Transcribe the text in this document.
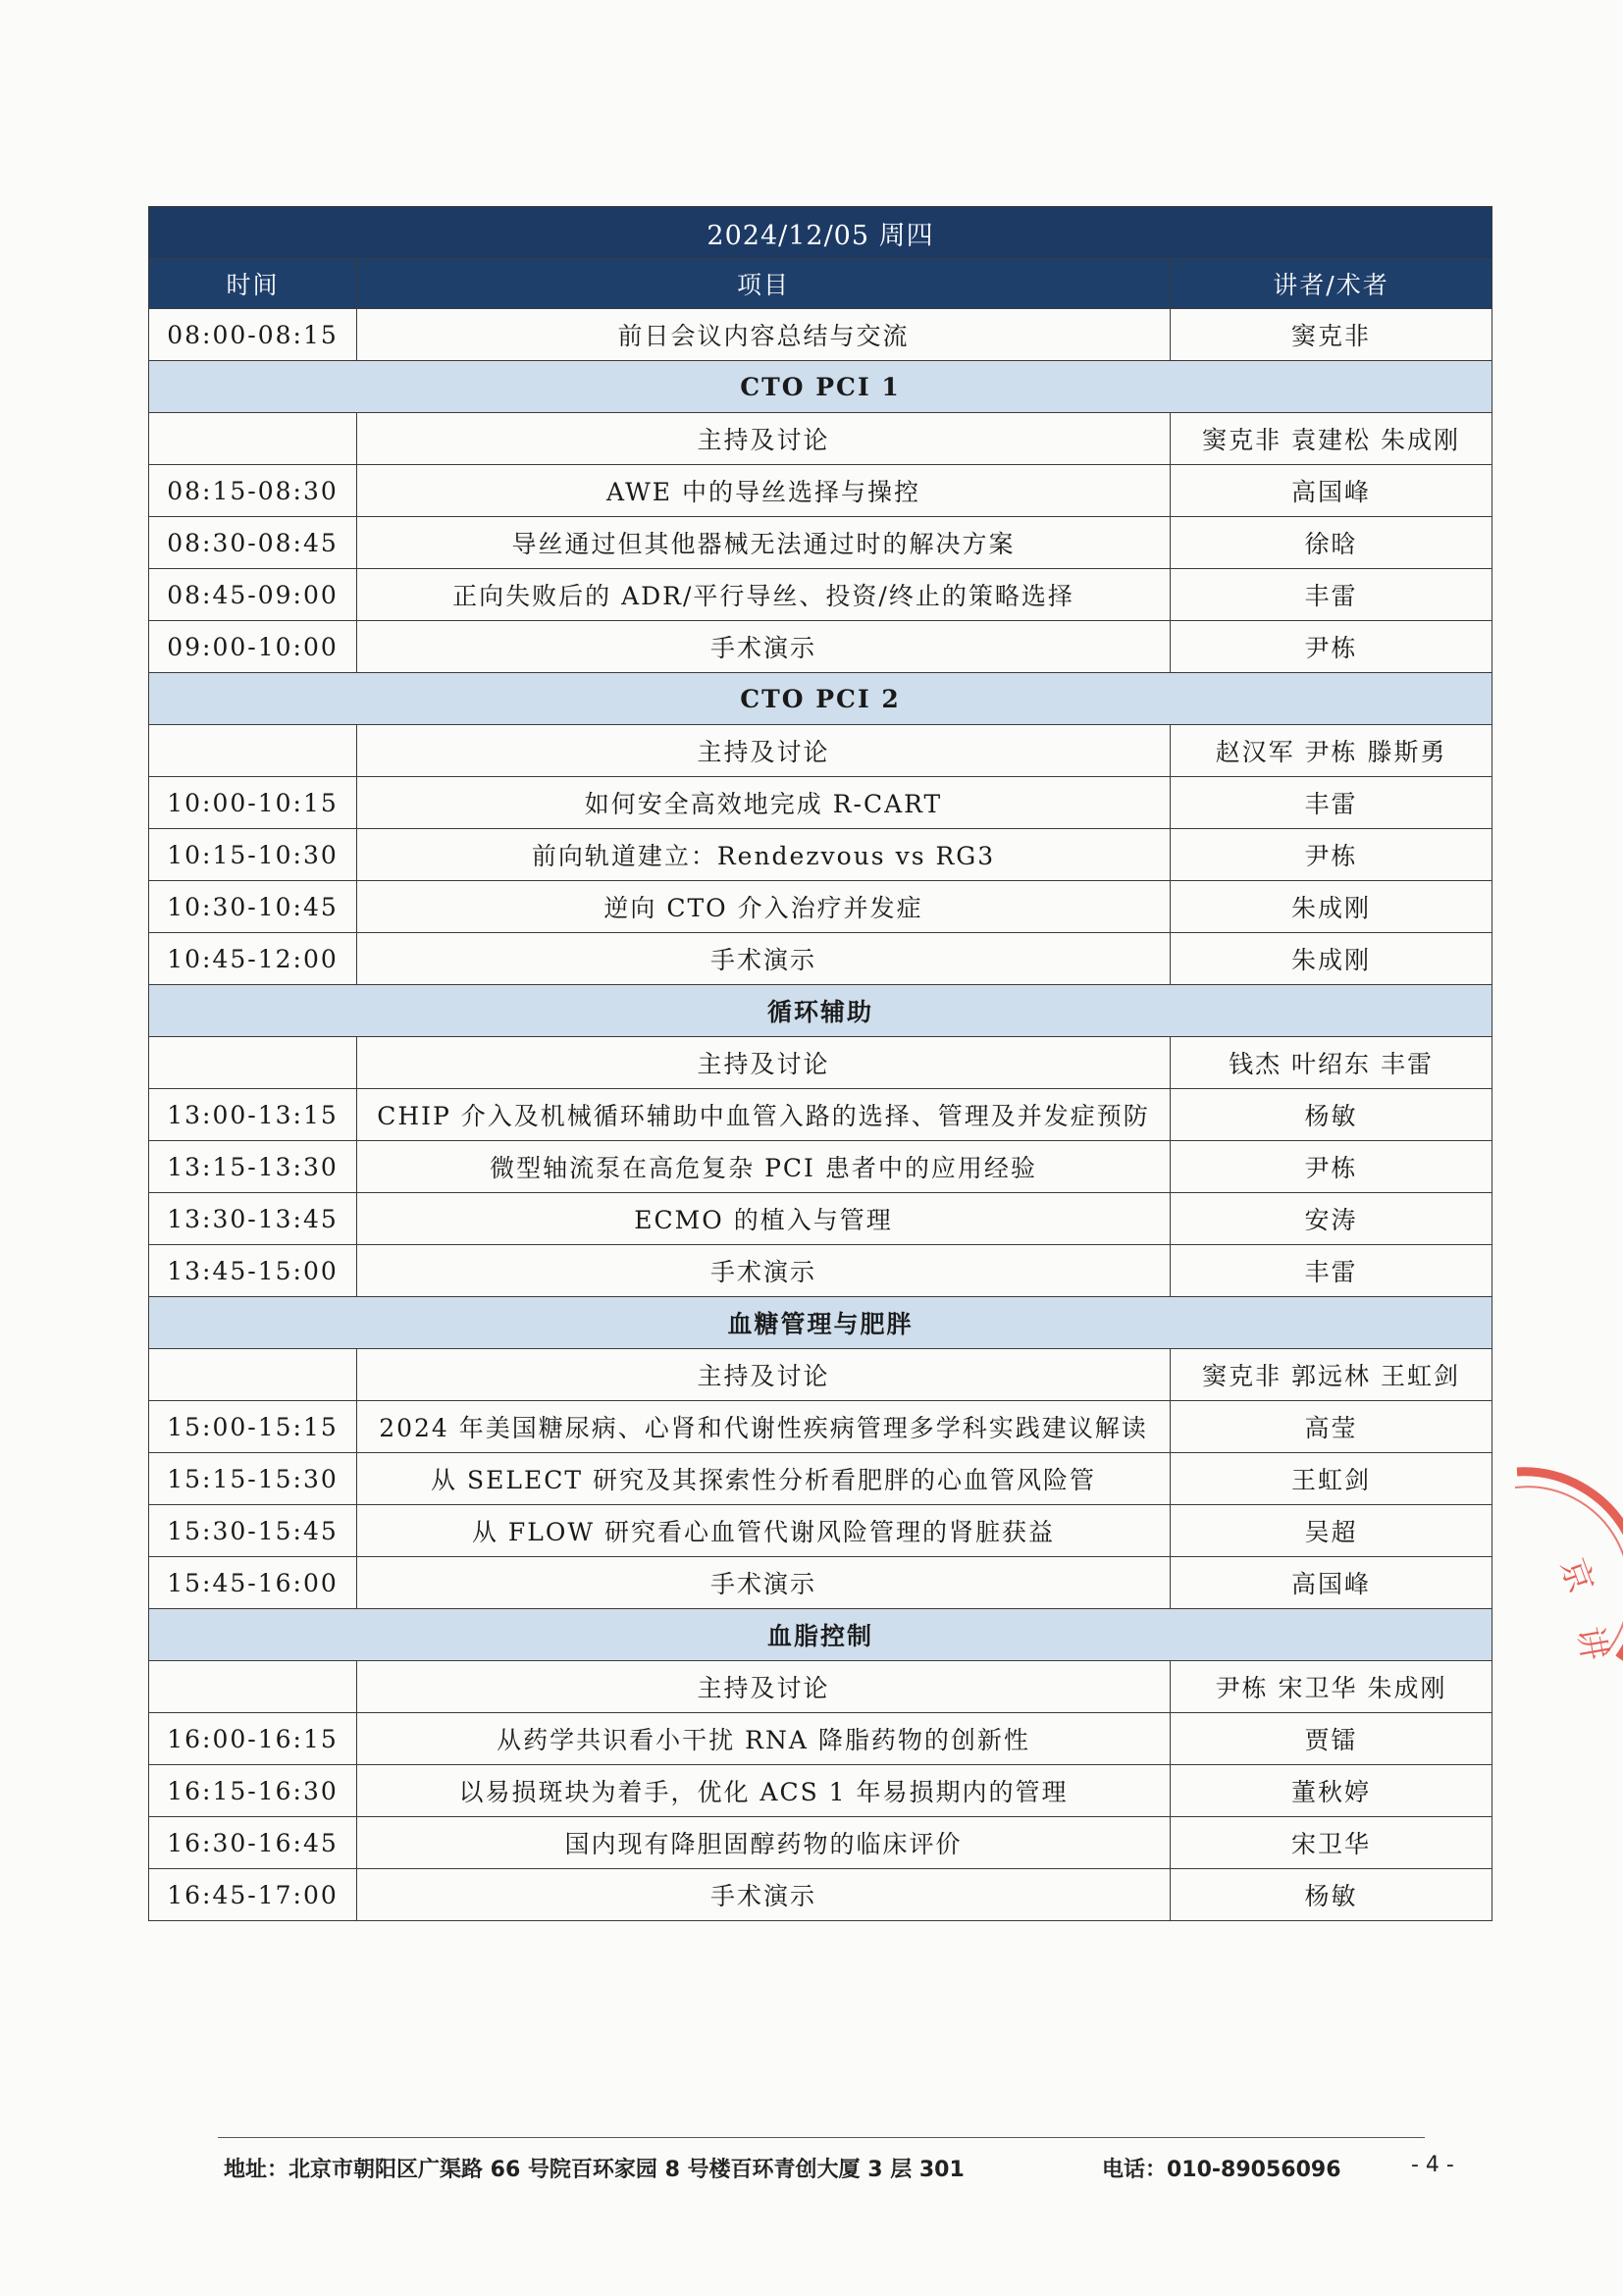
2024/12/05 周四		
时间	项目	讲者/术者
08:00-08:15	前日会议内容总结与交流	窦克非
CTO PCI 1		
	主持及讨论	窦克非 袁建松 朱成刚
08:15-08:30	AWE 中的导丝选择与操控	高国峰
08:30-08:45	导丝通过但其他器械无法通过时的解决方案	徐晗
08:45-09:00	正向失败后的 ADR/平行导丝、投资/终止的策略选择	丰雷
09:00-10:00	手术演示	尹栋
CTO PCI 2		
	主持及讨论	赵汉军 尹栋 滕斯勇
10:00-10:15	如何安全高效地完成 R-CART	丰雷
10:15-10:30	前向轨道建立：Rendezvous vs RG3	尹栋
10:30-10:45	逆向 CTO 介入治疗并发症	朱成刚
10:45-12:00	手术演示	朱成刚
循环辅助		
	主持及讨论	钱杰 叶绍东 丰雷
13:00-13:15	CHIP 介入及机械循环辅助中血管入路的选择、管理及并发症预防	杨敏
13:15-13:30	微型轴流泵在高危复杂 PCI 患者中的应用经验	尹栋
13:30-13:45	ECMO 的植入与管理	安涛
13:45-15:00	手术演示	丰雷
血糖管理与肥胖		
	主持及讨论	窦克非 郭远林 王虹剑
15:00-15:15	2024 年美国糖尿病、心肾和代谢性疾病管理多学科实践建议解读	高莹
15:15-15:30	从 SELECT 研究及其探索性分析看肥胖的心血管风险管	王虹剑
15:30-15:45	从 FLOW 研究看心血管代谢风险管理的肾脏获益	吴超
15:45-16:00	手术演示	高国峰
血脂控制		
	主持及讨论	尹栋 宋卫华 朱成刚
16:00-16:15	从药学共识看小干扰 RNA 降脂药物的创新性	贾镭
16:15-16:30	以易损斑块为着手，优化 ACS 1 年易损期内的管理	董秋婷
16:30-16:45	国内现有降胆固醇药物的临床评价	宋卫华
16:45-17:00	手术演示	杨敏
京
讲
地址：北京市朝阳区广渠路 66 号院百环家园 8 号楼百环青创大厦 3 层 301	电话：010-89056096	- 4 -
